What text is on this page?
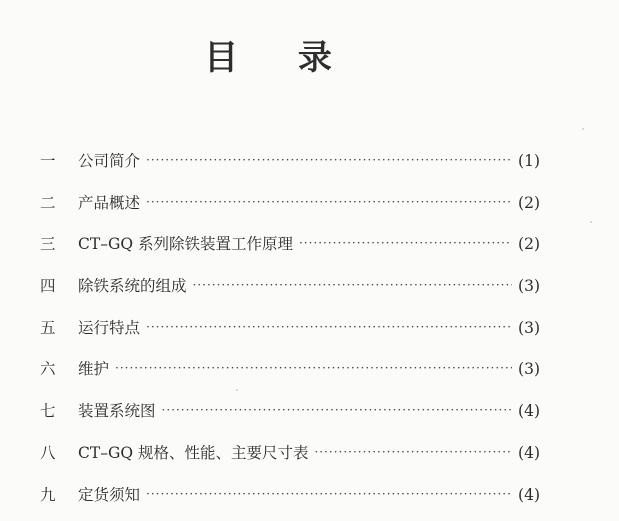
目 录
一	公司简介 ·····	(1)
二	产品概述 ·····	(2)
三	CT–GQ 系列除铁装置工作原理 ·····	(2)
四	除铁系统的组成 ·····	(3)
五	运行特点 ·····	(3)
六	维护 ·····	(3)
七	装置系统图 ·····	(4)
八	CT–GQ 规格、性能、主要尺寸表 ·····	(4)
九	定货须知 ·····	(4)
